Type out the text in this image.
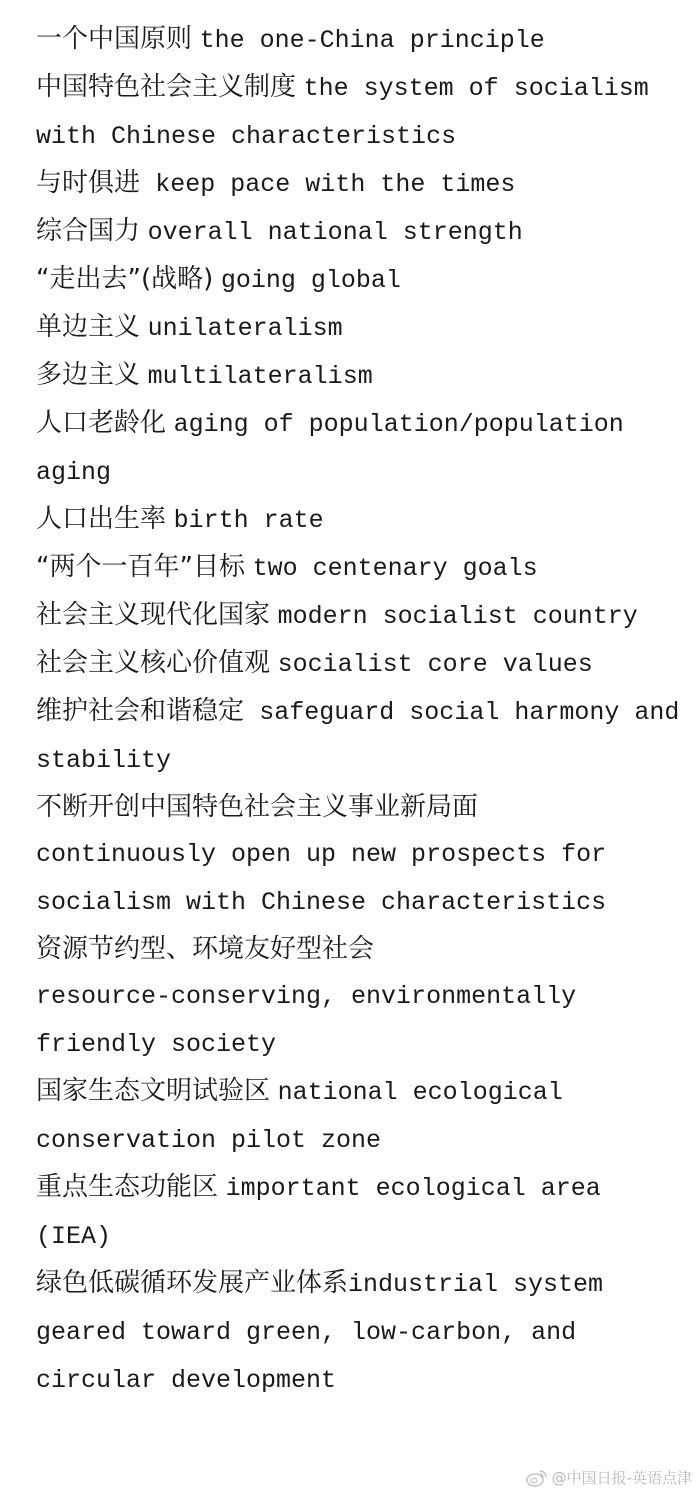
一个中国原则 the one-China principle
中国特色社会主义制度 the system of socialism with Chinese characteristics
与时俱进 keep pace with the times
综合国力 overall national strength
“走出去”(战略) going global
单边主义 unilateralism
多边主义 multilateralism
人口老龄化 aging of population/population aging
人口出生率 birth rate
“两个一百年”目标 two centenary goals
社会主义现代化国家 modern socialist country
社会主义核心价值观 socialist core values
维护社会和谐稳定 safeguard social harmony and stability
不断开创中国特色社会主义事业新局面
continuously open up new prospects for socialism with Chinese characteristics
资源节约型、环境友好型社会
resource-conserving, environmentally friendly society
国家生态文明试验区 national ecological conservation pilot zone
重点生态功能区 important ecological area (IEA)
绿色低碳循环发展产业体系industrial system geared toward green, low-carbon, and circular development
@中国日报-英语点津
